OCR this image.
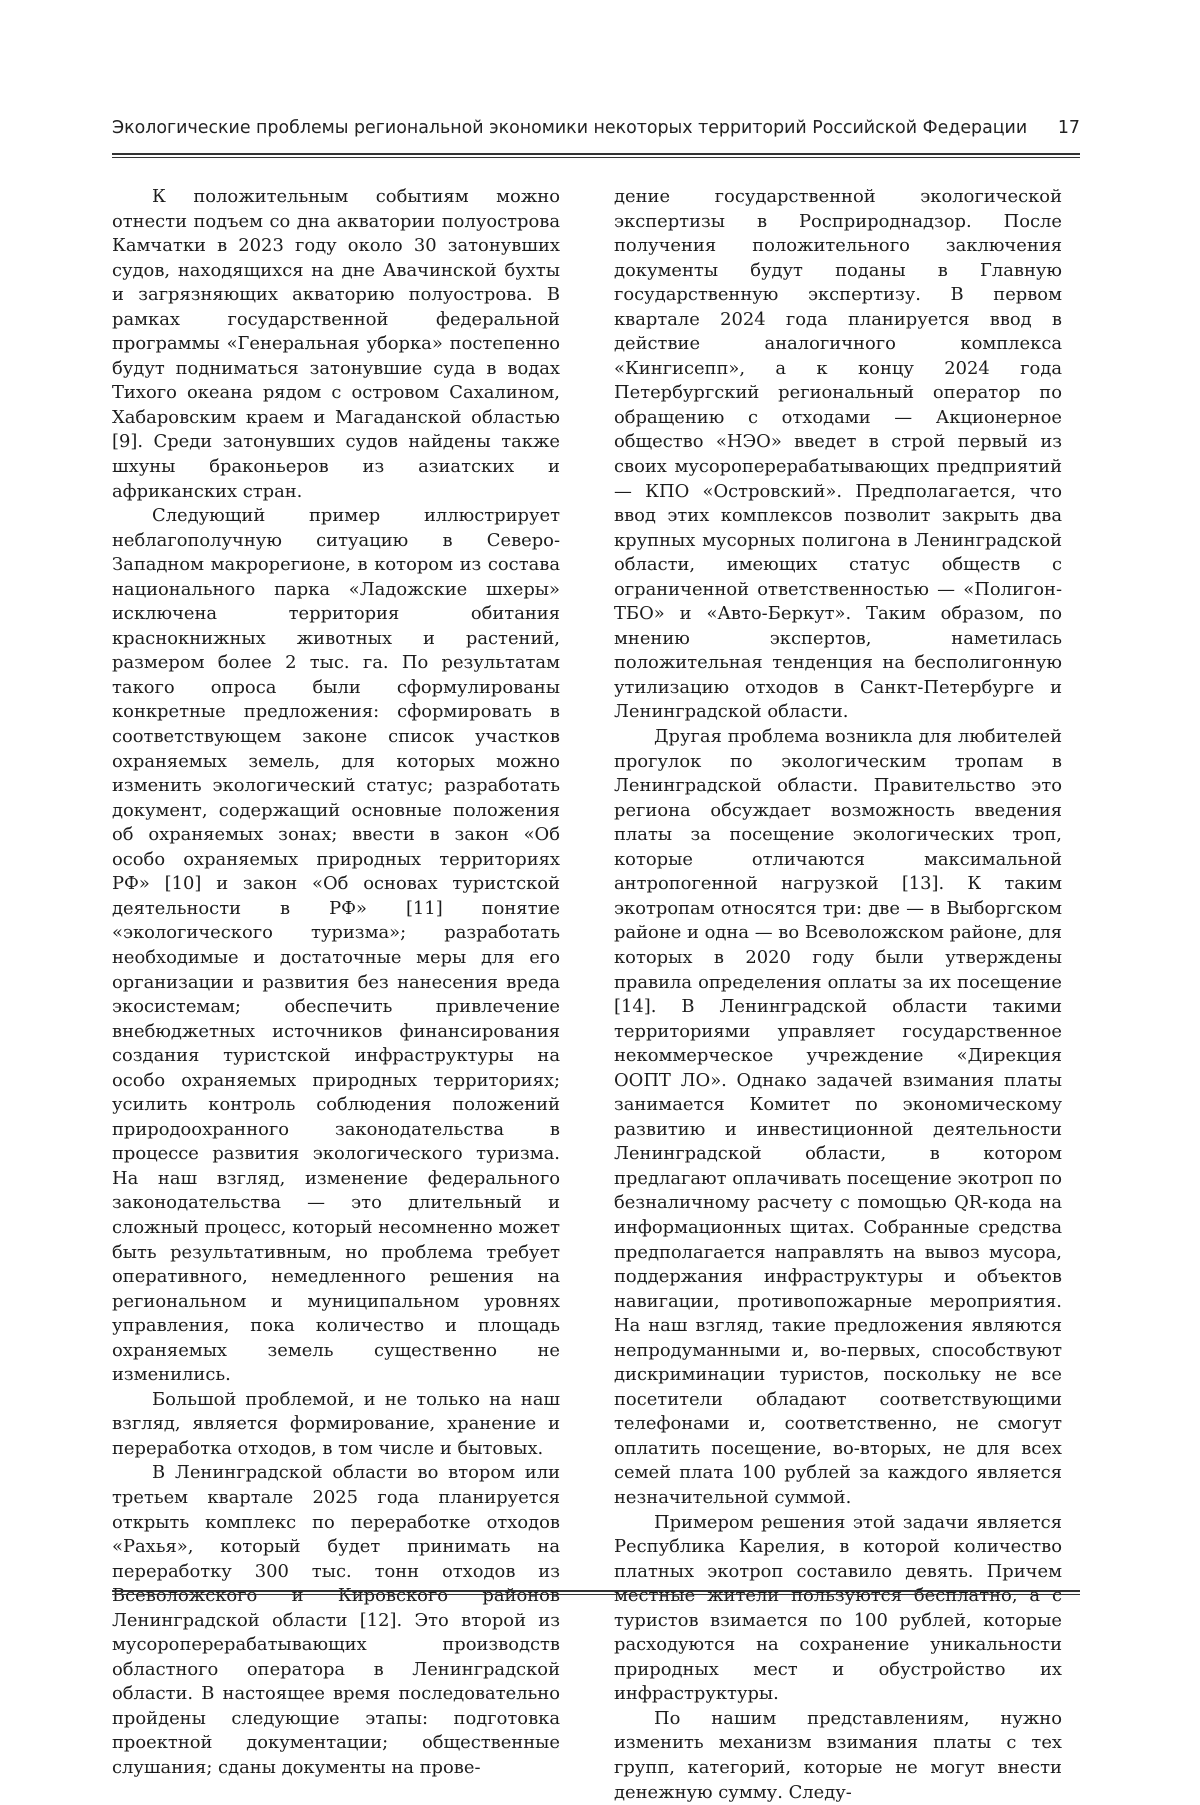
Экологические проблемы региональной экономики некоторых территорий Российской Федерации 17

К положительным событиям можно отнести подъем со дна акватории полуострова Камчатки в 2023 году около 30 затонувших судов, находящихся на дне Авачинской бухты и загрязняющих акваторию полуострова. В рамках государственной федеральной программы «Генеральная уборка» постепенно будут подниматься затонувшие суда в водах Тихого океана рядом с островом Сахалином, Хабаровским краем и Магаданской областью [9]. Среди затонувших судов найдены также шхуны браконьеров из азиатских и африканских стран.

Следующий пример иллюстрирует неблагополучную ситуацию в Северо-Западном макрорегионе, в котором из состава национального парка «Ладожские шхеры» исключена территория обитания краснокнижных животных и растений, размером более 2 тыс. га. По результатам такого опроса были сформулированы конкретные предложения: сформировать в соответствующем законе список участков охраняемых земель, для которых можно изменить экологический статус; разработать документ, содержащий основные положения об охраняемых зонах; ввести в закон «Об особо охраняемых природных территориях РФ» [10] и закон «Об основах туристской деятельности в РФ» [11] понятие «экологического туризма»; разработать необходимые и достаточные меры для его организации и развития без нанесения вреда экосистемам; обеспечить привлечение внебюджетных источников финансирования создания туристской инфраструктуры на особо охраняемых природных территориях; усилить контроль соблюдения положений природоохранного законодательства в процессе развития экологического туризма. На наш взгляд, изменение федерального законодательства — это длительный и сложный процесс, который несомненно может быть результативным, но проблема требует оперативного, немедленного решения на региональном и муниципальном уровнях управления, пока количество и площадь охраняемых земель существенно не изменились.

Большой проблемой, и не только на наш взгляд, является формирование, хранение и переработка отходов, в том числе и бытовых.

В Ленинградской области во втором или третьем квартале 2025 года планируется открыть комплекс по переработке отходов «Рахья», который будет принимать на переработку 300 тыс. тонн отходов из Всеволожского и Кировского районов Ленинградской области [12]. Это второй из мусороперерабатывающих производств областного оператора в Ленинградской области. В настоящее время последовательно пройдены следующие этапы: подготовка проектной документации; общественные слушания; сданы документы на прове-

дение государственной экологической экспертизы в Росприроднадзор. После получения положительного заключения документы будут поданы в Главную государственную экспертизу. В первом квартале 2024 года планируется ввод в действие аналогичного комплекса «Кингисепп», а к концу 2024 года Петербургский региональный оператор по обращению с отходами — Акционерное общество «НЭО» введет в строй первый из своих мусороперерабатывающих предприятий — КПО «Островский». Предполагается, что ввод этих комплексов позволит закрыть два крупных мусорных полигона в Ленинградской области, имеющих статус обществ с ограниченной ответственностью — «Полигон-ТБО» и «Авто-Беркут». Таким образом, по мнению экспертов, наметилась положительная тенденция на бесполигонную утилизацию отходов в Санкт-Петербурге и Ленинградской области.

Другая проблема возникла для любителей прогулок по экологическим тропам в Ленинградской области. Правительство это региона обсуждает возможность введения платы за посещение экологических троп, которые отличаются максимальной антропогенной нагрузкой [13]. К таким экотропам относятся три: две — в Выборгском районе и одна — во Всеволожском районе, для которых в 2020 году были утверждены правила определения оплаты за их посещение [14]. В Ленинградской области такими территориями управляет государственное некоммерческое учреждение «Дирекция ООПТ ЛО». Однако задачей взимания платы занимается Комитет по экономическому развитию и инвестиционной деятельности Ленинградской области, в котором предлагают оплачивать посещение экотроп по безналичному расчету с помощью QR-кода на информационных щитах. Собранные средства предполагается направлять на вывоз мусора, поддержания инфраструктуры и объектов навигации, противопожарные мероприятия. На наш взгляд, такие предложения являются непродуманными и, во-первых, способствуют дискриминации туристов, поскольку не все посетители обладают соответствующими телефонами и, соответственно, не смогут оплатить посещение, во-вторых, не для всех семей плата 100 рублей за каждого является незначительной суммой.

Примером решения этой задачи является Республика Карелия, в которой количество платных экотроп составило девять. Причем местные жители пользуются бесплатно, а с туристов взимается по 100 рублей, которые расходуются на сохранение уникальности природных мест и обустройство их инфраструктуры.

По нашим представлениям, нужно изменить механизм взимания платы с тех групп, категорий, которые не могут внести денежную сумму. Следу-
